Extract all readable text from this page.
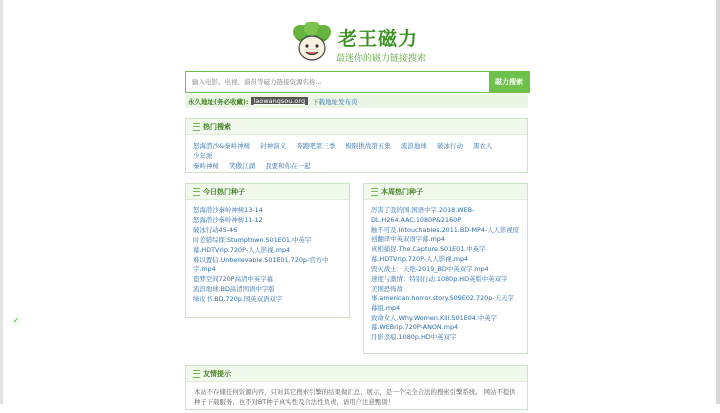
老王磁力
最迷你的磁力链接搜索
输入电影、电视、演员等磁力链接资源名称...
磁力搜索
永久地址(务必收藏): laowangsou.org	下载地址发布页
热门搜索
怒海潜沙&秦岭神树 封神演义 奔跑吧第三季 极限挑战第五集 流浪地球 破冰行动 黑衣人 少年派
秦岭神树 笑傲江湖 我要和你在一起
今日热门种子
怒海潜沙秦岭神树13-14
怒海潜沙秦岭神树11-12
破冰行动45-46
时差错综探.Stumptown.S01E01.中英字幕.HDTVrip.720P-人人影视.mp4
难以置信.Unbelievable.S01E01.720p-官方中字.mp4
盗梦空间720P高清中英字幕
流浪地球.BD高清国语中字版
绿皮书.BD.720p.国英双语双字
本周热门种子
厉害了我的国.国语中字.2018.WEB-DL.H264.AAC.1080P&2160P
触不可及.Intouchables.2011.BD-MP4-人人影视原创翻译中英双语字幕.mp4
真相捕捉.The.Capture.S01E01.中英字幕.HDTVrip.720P-人人影视.mp4
毁灭战士：天绝-2019_BD中英双字.mp4
速度与激情：特别行动.1080p.HD英版中英双字
美国恐怖故事.american.horror.story.S09E02.720p-天天字幕组.mp4
致命女人.Why.Women.Kill.S01E04.中英字幕.WEBrip.720P-ANON.mp4
月影杀痕.1080p.HD中英双字
友情提示
本站不存储任何资源内容，只对其它搜索引擎的结果做汇总、展示，是一个完全合法的搜索引擎系统。 网站不提供种子下载服务，也不对BT种子真实性及合法性负责，请用户注意甄别！
✓
